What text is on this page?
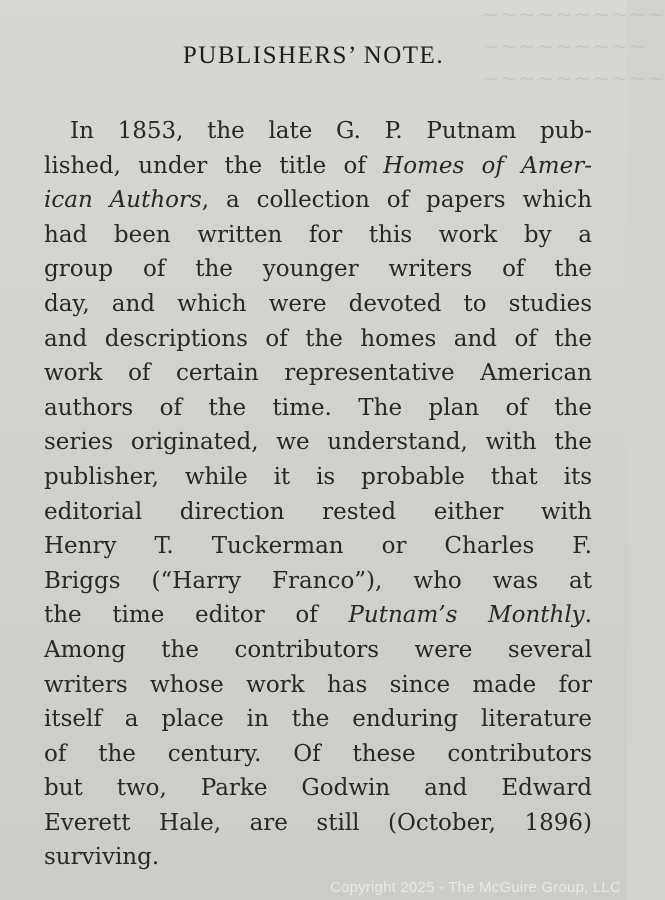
~~~~~~~~~~
~~~~~~~~~
~~~~~~~~~~
PUBLISHERS’ NOTE.
In 1853, the late G. P. Putnam pub-
lished, under the title of Homes of Amer-
ican Authors, a collection of papers which
had been written for this work by a
group of the younger writers of the
day, and which were devoted to studies
and descriptions of the homes and of the
work of certain representative American
authors of the time. The plan of the
series originated, we understand, with the
publisher, while it is probable that its
editorial direction rested either with
Henry T. Tuckerman or Charles F.
Briggs (“Harry Franco”), who was at
the time editor of Putnam’s Monthly.
Among the contributors were several
writers whose work has since made for
itself a place in the enduring literature
of the century. Of these contributors
but two, Parke Godwin and Edward
Everett Hale, are still (October, 1896)
surviving.
Copyright 2025 - The McGuire Group, LLC
